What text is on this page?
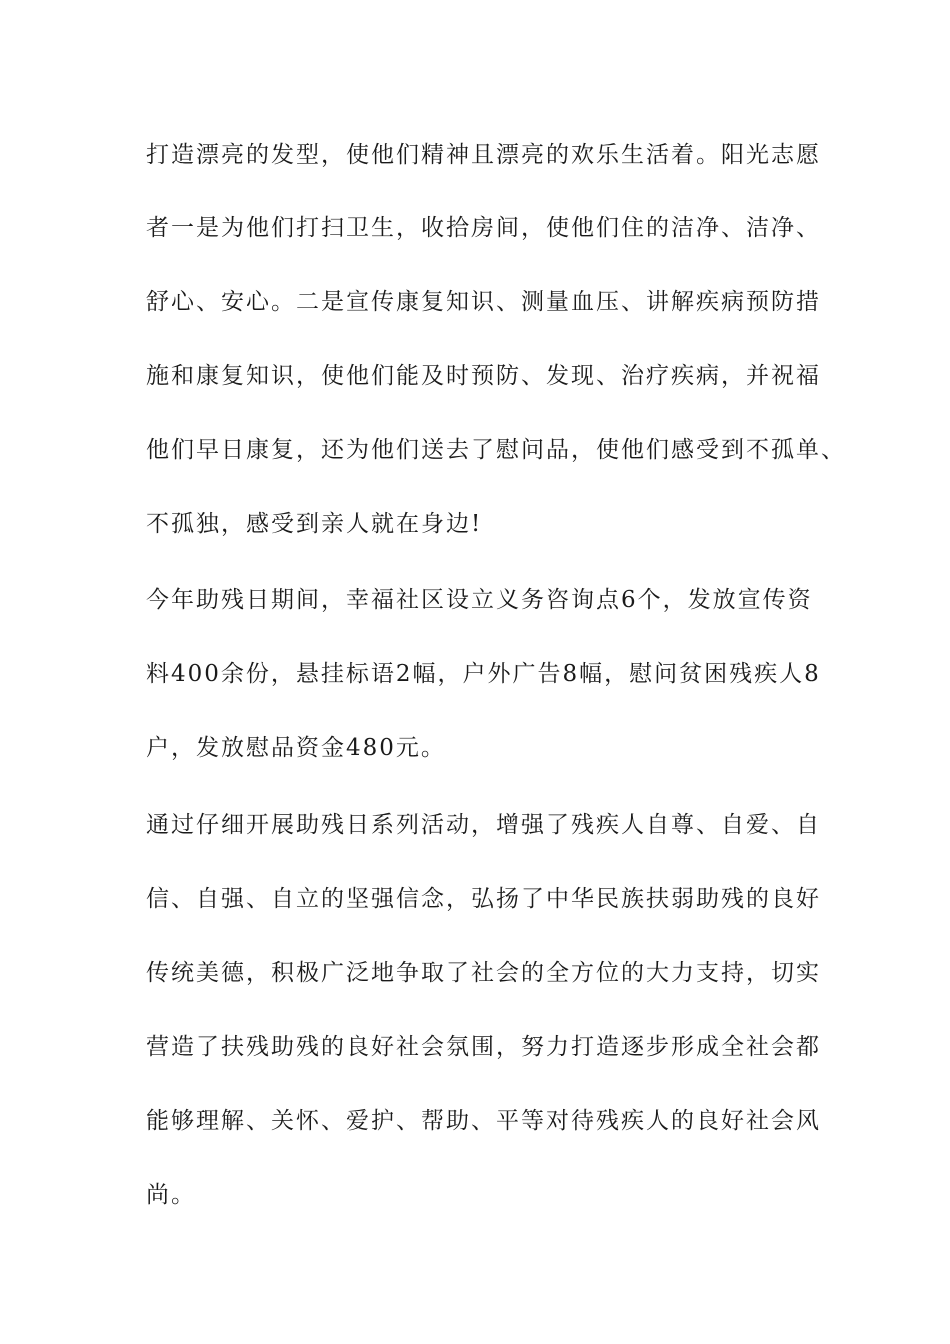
打造漂亮的发型，使他们精神且漂亮的欢乐生活着。阳光志愿
者一是为他们打扫卫生，收拾房间，使他们住的洁净、洁净、
舒心、安心。二是宣传康复知识、测量血压、讲解疾病预防措
施和康复知识，使他们能及时预防、发现、治疗疾病，并祝福
他们早日康复，还为他们送去了慰问品，使他们感受到不孤单、
不孤独，感受到亲人就在身边!
今年助残日期间，幸福社区设立义务咨询点6个，发放宣传资
料400余份，悬挂标语2幅，户外广告8幅，慰问贫困残疾人8
户，发放慰品资金480元。
通过仔细开展助残日系列活动，增强了残疾人自尊、自爱、自
信、自强、自立的坚强信念，弘扬了中华民族扶弱助残的良好
传统美德，积极广泛地争取了社会的全方位的大力支持，切实
营造了扶残助残的良好社会氛围，努力打造逐步形成全社会都
能够理解、关怀、爱护、帮助、平等对待残疾人的良好社会风
尚。
